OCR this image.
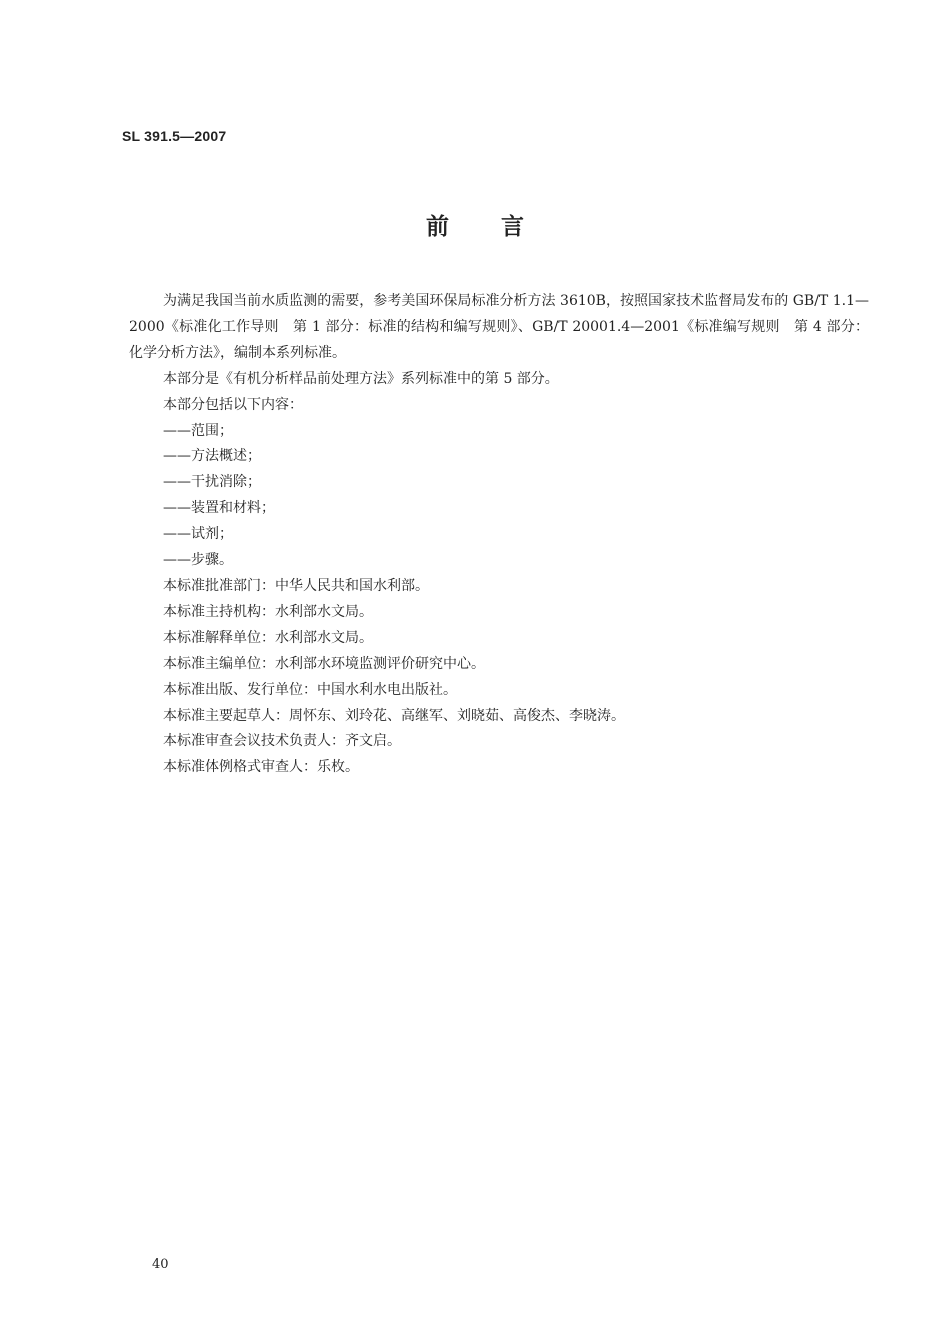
SL 391.5—2007
前 言

为满足我国当前水质监测的需要，参考美国环保局标准分析方法 3610B，按照国家技术监督局发布的 GB/T 1.1—2000《标准化工作导则　第 1 部分：标准的结构和编写规则》、GB/T 20001.4—2001《标准编写规则　第 4 部分：化学分析方法》，编制本系列标准。

本部分是《有机分析样品前处理方法》系列标准中的第 5 部分。

本部分包括以下内容：

——范围；

——方法概述；

——干扰消除；

——装置和材料；

——试剂；

——步骤。

本标准批准部门：中华人民共和国水利部。

本标准主持机构：水利部水文局。

本标准解释单位：水利部水文局。

本标准主编单位：水利部水环境监测评价研究中心。

本标准出版、发行单位：中国水利水电出版社。

本标准主要起草人：周怀东、刘玲花、高继军、刘晓茹、高俊杰、李晓涛。

本标准审查会议技术负责人：齐文启。

本标准体例格式审查人：乐枚。

40
